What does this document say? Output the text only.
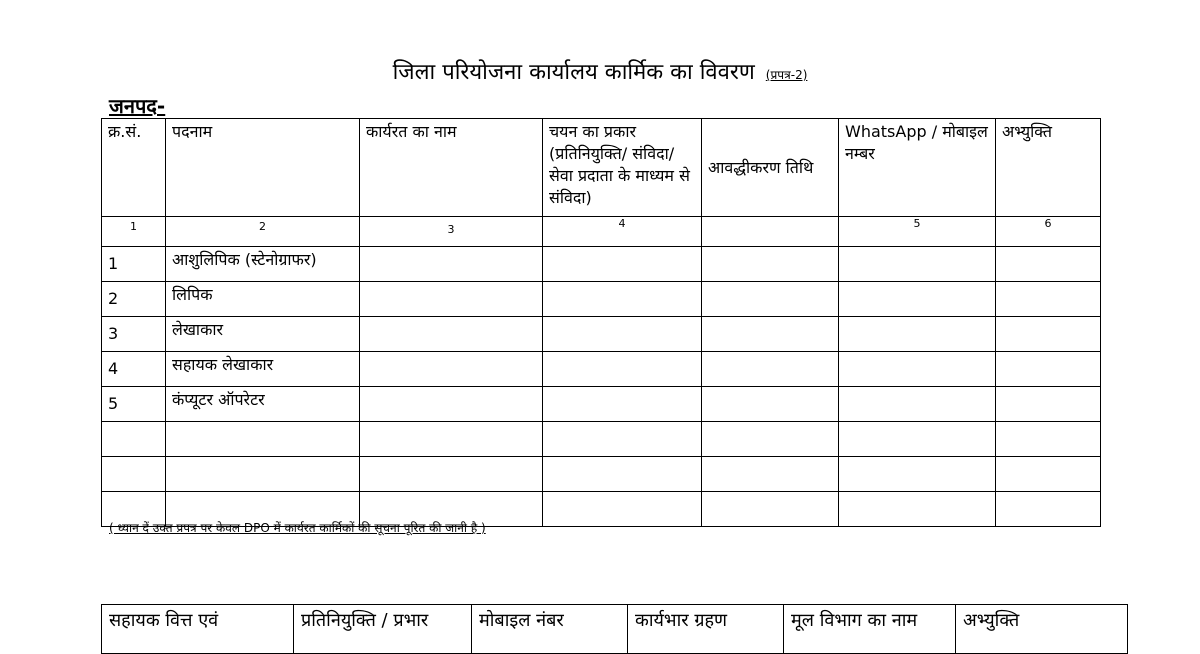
जिला परियोजना कार्यालय कार्मिक का विवरण (प्रपत्र-2)
जनपद-
क्र.सं.	पदनाम	कार्यरत का नाम	चयन का प्रकार (प्रतिनियुक्ति/ संविदा/ सेवा प्रदाता के माध्यम से संविदा)	आवद्धीकरण तिथि	WhatsApp / मोबाइल नम्बर	अभ्युक्ति
1	2	3	4		5	6
1	आशुलिपिक (स्टेनोग्राफर)					
2	लिपिक					
3	लेखाकार					
4	सहायक लेखाकार					
5	कंप्यूटर ऑपरेटर					

( ध्यान दें उक्त प्रपत्र पर केवल DPO में कार्यरत कार्मिकों की सूचना पूरित की जानी है )
सहायक वित्त एवं	प्रतिनियुक्ति / प्रभार	मोबाइल नंबर	कार्यभार ग्रहण	मूल विभाग का नाम	अभ्युक्ति
